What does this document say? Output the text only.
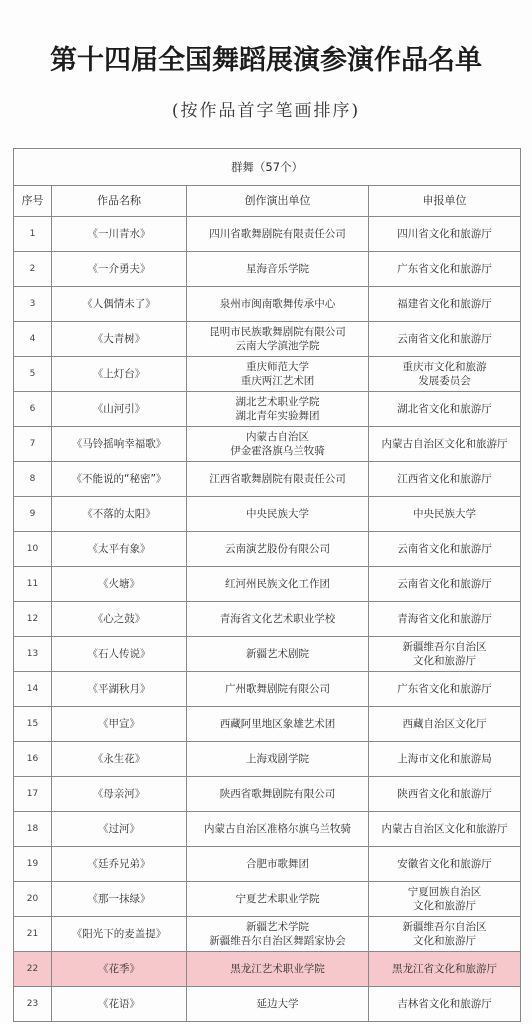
第十四届全国舞蹈展演参演作品名单
(按作品首字笔画排序)
群舞（57个）			
序号	作品名称	创作演出单位	申报单位
1	《一川青水》	四川省歌舞剧院有限责任公司	四川省文化和旅游厅
2	《一介勇夫》	星海音乐学院	广东省文化和旅游厅
3	《人偶情未了》	泉州市闽南歌舞传承中心	福建省文化和旅游厅
4	《大青树》	昆明市民族歌舞剧院有限公司
云南大学滇池学院	云南省文化和旅游厅
5	《上灯台》	重庆师范大学
重庆两江艺术团	重庆市文化和旅游
发展委员会
6	《山河引》	湖北艺术职业学院
湖北青年实验舞团	湖北省文化和旅游厅
7	《马铃摇响幸福歌》	内蒙古自治区
伊金霍洛旗乌兰牧骑	内蒙古自治区文化和旅游厅
8	《不能说的“秘密”》	江西省歌舞剧院有限责任公司	江西省文化和旅游厅
9	《不落的太阳》	中央民族大学	中央民族大学
10	《太平有象》	云南演艺股份有限公司	云南省文化和旅游厅
11	《火塘》	红河州民族文化工作团	云南省文化和旅游厅
12	《心之鼓》	青海省文化艺术职业学校	青海省文化和旅游厅
13	《石人传说》	新疆艺术剧院	新疆维吾尔自治区
文化和旅游厅
14	《平湖秋月》	广州歌舞剧院有限公司	广东省文化和旅游厅
15	《甲宣》	西藏阿里地区象雄艺术团	西藏自治区文化厅
16	《永生花》	上海戏剧学院	上海市文化和旅游局
17	《母亲河》	陕西省歌舞剧院有限公司	陕西省文化和旅游厅
18	《过河》	内蒙古自治区准格尔旗乌兰牧骑	内蒙古自治区文化和旅游厅
19	《廷乔兄弟》	合肥市歌舞团	安徽省文化和旅游厅
20	《那一抹绿》	宁夏艺术职业学院	宁夏回族自治区
文化和旅游厅
21	《阳光下的麦盖提》	新疆艺术学院
新疆维吾尔自治区舞蹈家协会	新疆维吾尔自治区
文化和旅游厅
22	《花季》	黑龙江艺术职业学院	黑龙江省文化和旅游厅
23	《花语》	延边大学	吉林省文化和旅游厅
